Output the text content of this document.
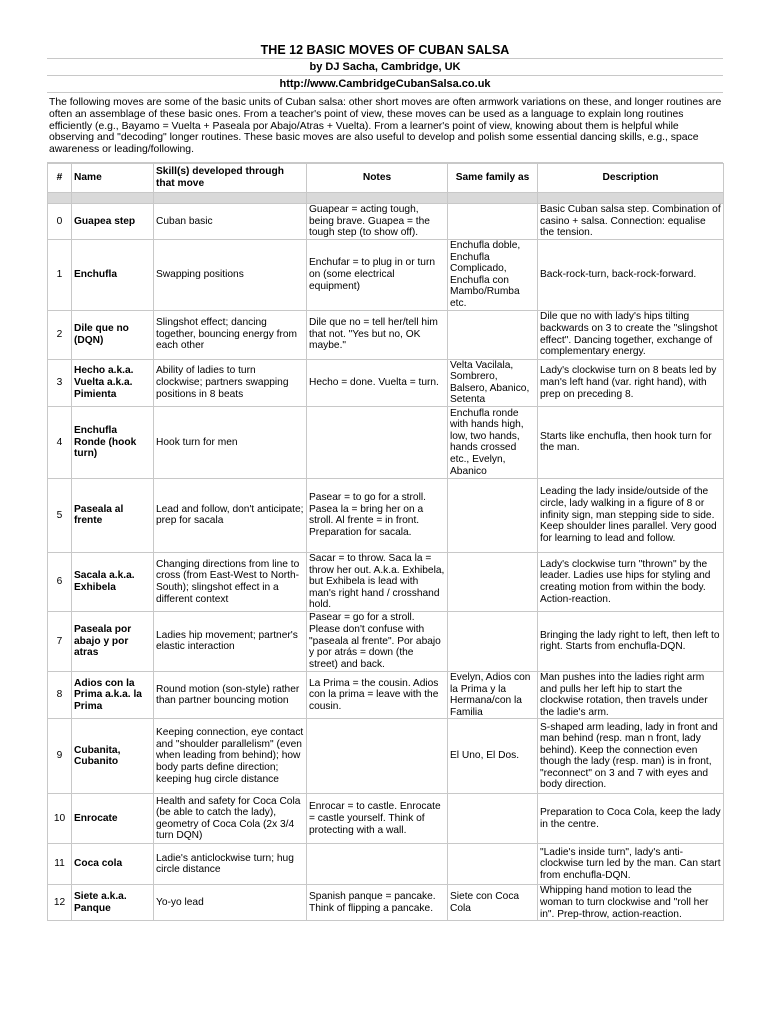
THE 12 BASIC MOVES OF CUBAN SALSA
by DJ Sacha, Cambridge, UK
http://www.CambridgeCubanSalsa.co.uk
The following moves are some of the basic units of Cuban salsa: other short moves are often armwork variations on these, and longer routines are often an assemblage of these basic ones. From a teacher's point of view, these moves can be used as a language to explain long routines efficiently (e.g., Bayamo = Vuelta + Paseala por Abajo/Atras + Vuelta). From a learner's point of view, knowing about them is helpful while observing and "decoding" longer routines. These basic moves are also useful to develop and polish some essential dancing skills, e.g., space awareness or leading/following.
#	Name	Skill(s) developed through that move	Notes	Same family as	Description

0	Guapea step	Cuban basic	Guapear = acting tough, being brave. Guapea = the tough step (to show off).		Basic Cuban salsa step. Combination of casino + salsa. Connection: equalise the tension.
1	Enchufla	Swapping positions	Enchufar = to plug in or turn on (some electrical equipment)	Enchufla doble, Enchufla Complicado, Enchufla con Mambo/Rumba etc.	Back-rock-turn, back-rock-forward.
2	Dile que no (DQN)	Slingshot effect; dancing together, bouncing energy from each other	Dile que no = tell her/tell him that not. "Yes but no, OK maybe."		Dile que no with lady's hips tilting backwards on 3 to create the "slingshot effect". Dancing together, exchange of complementary energy.
3	Hecho a.k.a. Vuelta a.k.a. Pimienta	Ability of ladies to turn clockwise; partners swapping positions in 8 beats	Hecho = done. Vuelta = turn.	Velta Vacilala, Sombrero, Balsero, Abanico, Setenta	Lady's clockwise turn on 8 beats led by man's left hand (var. right hand), with prep on preceding 8.
4	Enchufla Ronde (hook turn)	Hook turn for men		Enchufla ronde with hands high, low, two hands, hands crossed etc., Evelyn, Abanico	Starts like enchufla, then hook turn for the man.
5	Paseala al frente	Lead and follow, don't anticipate; prep for sacala	Pasear = to go for a stroll. Pasea la = bring her on a stroll. Al frente = in front. Preparation for sacala.		Leading the lady inside/outside of the circle, lady walking in a figure of 8 or infinity sign, man stepping side to side. Keep shoulder lines parallel. Very good for learning to lead and follow.
6	Sacala a.k.a. Exhibela	Changing directions from line to cross (from East-West to North-South); slingshot effect in a different context	Sacar = to throw. Saca la = throw her out. A.k.a. Exhibela, but Exhibela is lead with man's right hand / crosshand hold.		Lady's clockwise turn "thrown" by the leader. Ladies use hips for styling and creating motion from within the body. Action-reaction.
7	Paseala por abajo y por atras	Ladies hip movement; partner's elastic interaction	Pasear = go for a stroll. Please don't confuse with "paseala al frente". Por abajo y por atrás = down (the street) and back.		Bringing the lady right to left, then left to right. Starts from enchufla-DQN.
8	Adios con la Prima a.k.a. la Prima	Round motion (son-style) rather than partner bouncing motion	La Prima = the cousin. Adios con la prima = leave with the cousin.	Evelyn, Adios con la Prima y la Hermana/con la Familia	Man pushes into the ladies right arm and pulls her left hip to start the clockwise rotation, then travels under the ladie's arm.
9	Cubanita, Cubanito	Keeping connection, eye contact and "shoulder parallelism" (even when leading from behind); how body parts define direction; keeping hug circle distance		El Uno, El Dos.	S-shaped arm leading, lady in front and man behind (resp. man n front, lady behind). Keep the connection even though the lady (resp. man) is in front, "reconnect" on 3 and 7 with eyes and body direction.
10	Enrocate	Health and safety for Coca Cola (be able to catch the lady), geometry of Coca Cola (2x 3/4 turn DQN)	Enrocar = to castle. Enrocate = castle yourself. Think of protecting with a wall.		Preparation to Coca Cola, keep the lady in the centre.
11	Coca cola	Ladie's anticlockwise turn; hug circle distance			"Ladie's inside turn", lady's anti-clockwise turn led by the man. Can start from enchufla-DQN.
12	Siete a.k.a. Panque	Yo-yo lead	Spanish panque = pancake. Think of flipping a pancake.	Siete con Coca Cola	Whipping hand motion to lead the woman to turn clockwise and "roll her in". Prep-throw, action-reaction.
